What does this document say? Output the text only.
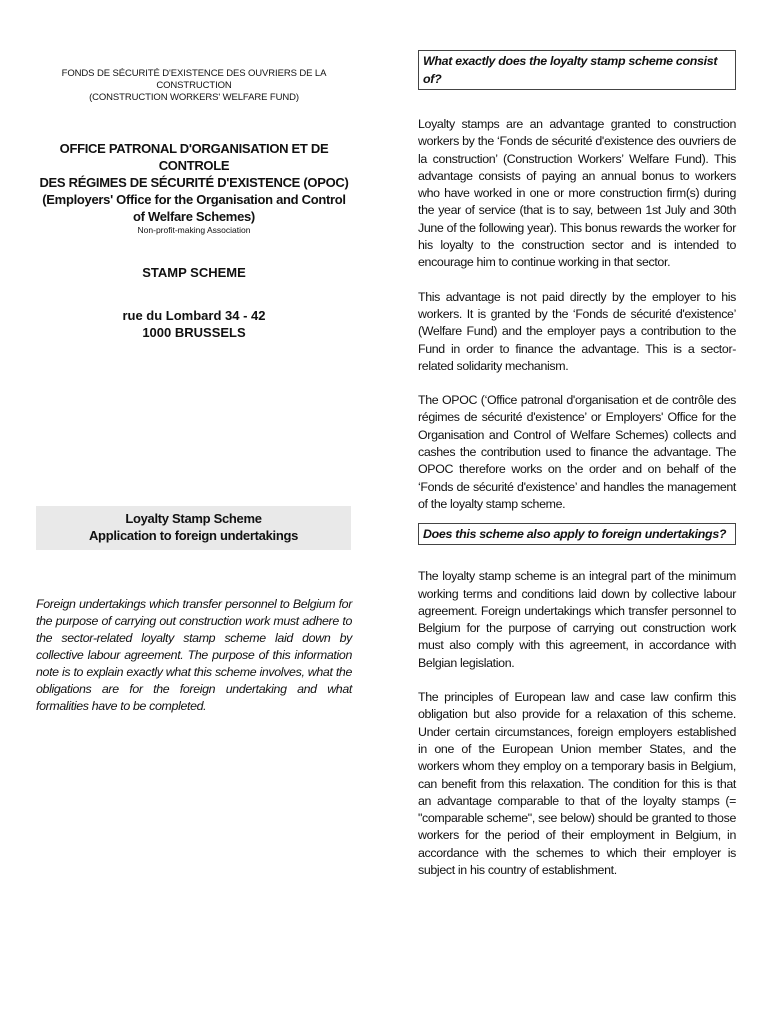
FONDS DE SÉCURITÉ D'EXISTENCE DES OUVRIERS DE LA CONSTRUCTION
(CONSTRUCTION WORKERS' WELFARE FUND)
OFFICE PATRONAL D'ORGANISATION ET DE CONTROLE
DES RÉGIMES DE SÉCURITÉ D'EXISTENCE (OPOC)
(Employers' Office for the Organisation and Control
of Welfare Schemes)
Non-profit-making Association
STAMP SCHEME
rue du Lombard 34 - 42
1000 BRUSSELS
Loyalty Stamp Scheme
Application to foreign undertakings
Foreign undertakings which transfer personnel to Belgium for the purpose of carrying out construction work must adhere to the sector-related loyalty stamp scheme laid down by collective labour agreement. The purpose of this information note is to explain exactly what this scheme involves, what the obligations are for the foreign undertaking and what formalities have to be completed.
What exactly does the loyalty stamp scheme consist of?

Loyalty stamps are an advantage granted to construction workers by the ‘Fonds de sécurité d'existence des ouvriers de la construction’ (Construction Workers’ Welfare Fund). This advantage consists of paying an annual bonus to workers who have worked in one or more construction firm(s) during the year of service (that is to say, between 1st July and 30th June of the following year). This bonus rewards the worker for his loyalty to the construction sector and is intended to encourage him to continue working in that sector.

This advantage is not paid directly by the employer to his workers. It is granted by the ‘Fonds de sécurité d'existence’ (Welfare Fund) and the employer pays a contribution to the Fund in order to finance the advantage. This is a sector-related solidarity mechanism.

The OPOC (‘Office patronal d'organisation et de contrôle des régimes de sécurité d'existence’ or Employers' Office for the Organisation and Control of Welfare Schemes) collects and cashes the contribution used to finance the advantage. The OPOC therefore works on the order and on behalf of the ‘Fonds de sécurité d'existence’ and handles the management of the loyalty stamp scheme.

Does this scheme also apply to foreign undertakings?

The loyalty stamp scheme is an integral part of the minimum working terms and conditions laid down by collective labour agreement. Foreign undertakings which transfer personnel to Belgium for the purpose of carrying out construction work must also comply with this agreement, in accordance with Belgian legislation.

The principles of European law and case law confirm this obligation but also provide for a relaxation of this scheme. Under certain circumstances, foreign employers established in one of the European Union member States, and the workers whom they employ on a temporary basis in Belgium, can benefit from this relaxation. The condition for this is that an advantage comparable to that of the loyalty stamps (= "comparable scheme", see below) should be granted to those workers for the period of their employment in Belgium, in accordance with the schemes to which their employer is subject in his country of establishment.
